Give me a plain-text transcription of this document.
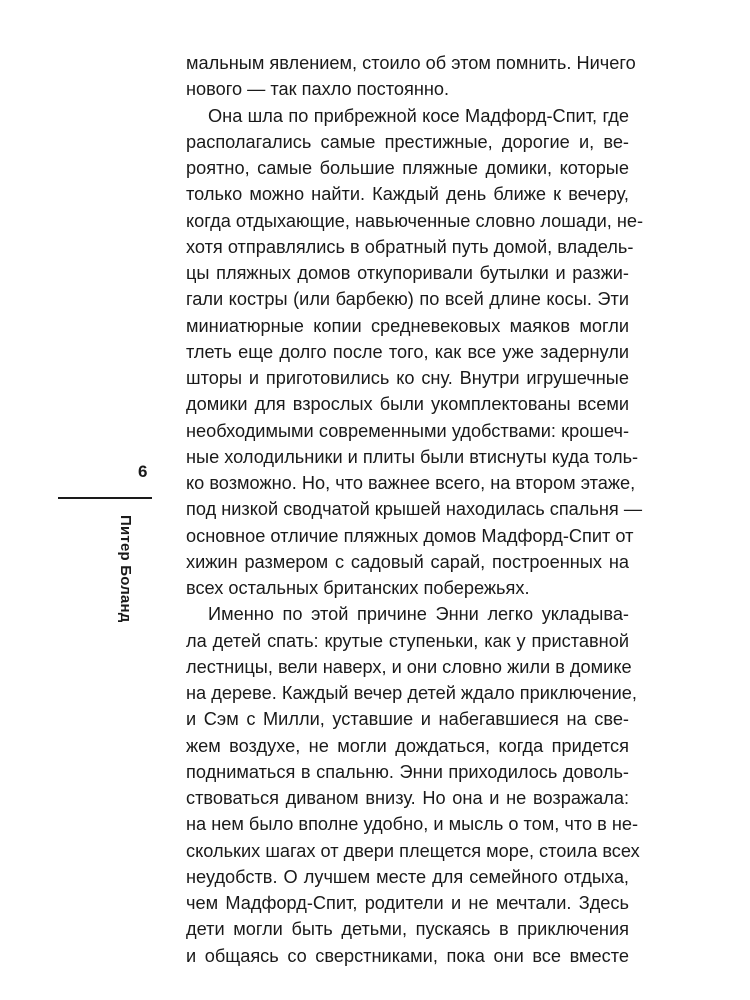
мальным явлением, стоило об этом помнить. Ничего
нового — так пахло постоянно.
Она шла по прибрежной косе Мадфорд-Спит, где
располагались самые престижные, дорогие и, ве-
роятно, самые большие пляжные домики, которые
только можно найти. Каждый день ближе к вечеру,
когда отдыхающие, навьюченные словно лошади, не-
хотя отправлялись в обратный путь домой, владель-
цы пляжных домов откупоривали бутылки и разжи-
гали костры (или барбекю) по всей длине косы. Эти
миниатюрные копии средневековых маяков могли
тлеть еще долго после того, как все уже задернули
шторы и приготовились ко сну. Внутри игрушечные
домики для взрослых были укомплектованы всеми
необходимыми современными удобствами: крошеч-
ные холодильники и плиты были втиснуты куда толь-
ко возможно. Но, что важнее всего, на втором этаже,
под низкой сводчатой крышей находилась спальня —
основное отличие пляжных домов Мадфорд-Спит от
хижин размером с садовый сарай, построенных на
всех остальных британских побережьях.
Именно по этой причине Энни легко укладыва-
ла детей спать: крутые ступеньки, как у приставной
лестницы, вели наверх, и они словно жили в домике
на дереве. Каждый вечер детей ждало приключение,
и Сэм с Милли, уставшие и набегавшиеся на све-
жем воздухе, не могли дождаться, когда придется
подниматься в спальню. Энни приходилось доволь-
ствоваться диваном внизу. Но она и не возражала:
на нем было вполне удобно, и мысль о том, что в не-
скольких шагах от двери плещется море, стоила всех
неудобств. О лучшем месте для семейного отдыха,
чем Мадфорд-Спит, родители и не мечтали. Здесь
дети могли быть детьми, пускаясь в приключения
и общаясь со сверстниками, пока они все вместе
6
Питер Боланд
